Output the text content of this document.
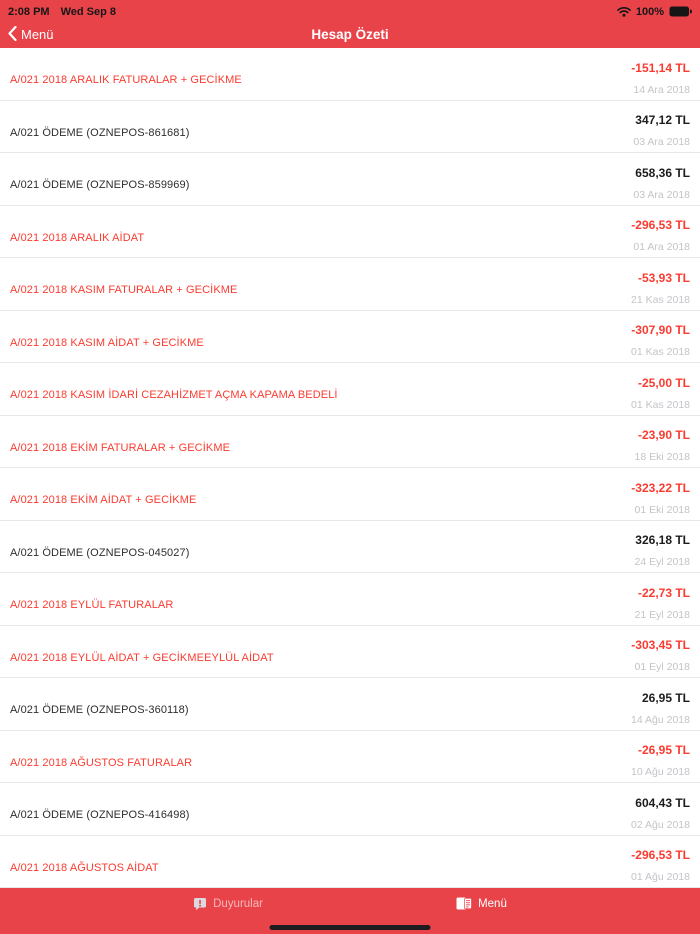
2:08 PM Wed Sep 8	100%
Menü	Hesap Özeti
A/021 2018 ARALIK FATURALAR + GECİKME
-151,14 TL
14 Ara 2018
A/021 ÖDEME (OZNEPOS-861681)
347,12 TL
03 Ara 2018
A/021 ÖDEME (OZNEPOS-859969)
658,36 TL
03 Ara 2018
A/021 2018 ARALIK AİDAT
-296,53 TL
01 Ara 2018
A/021 2018 KASIM FATURALAR + GECİKME
-53,93 TL
21 Kas 2018
A/021 2018 KASIM AİDAT + GECİKME
-307,90 TL
01 Kas 2018
A/021 2018 KASIM İDARİ CEZAHİZMET AÇMA KAPAMA BEDELİ
-25,00 TL
01 Kas 2018
A/021 2018 EKİM FATURALAR + GECİKME
-23,90 TL
18 Eki 2018
A/021 2018 EKİM AİDAT + GECİKME
-323,22 TL
01 Eki 2018
A/021 ÖDEME (OZNEPOS-045027)
326,18 TL
24 Eyl 2018
A/021 2018 EYLÜL FATURALAR
-22,73 TL
21 Eyl 2018
A/021 2018 EYLÜL AİDAT + GECİKMEEYLÜL AİDAT
-303,45 TL
01 Eyl 2018
A/021 ÖDEME (OZNEPOS-360118)
26,95 TL
14 Ağu 2018
A/021 2018 AĞUSTOS FATURALAR
-26,95 TL
10 Ağu 2018
A/021 ÖDEME (OZNEPOS-416498)
604,43 TL
02 Ağu 2018
A/021 2018 AĞUSTOS AİDAT
-296,53 TL
01 Ağu 2018
Duyurular	Menü
